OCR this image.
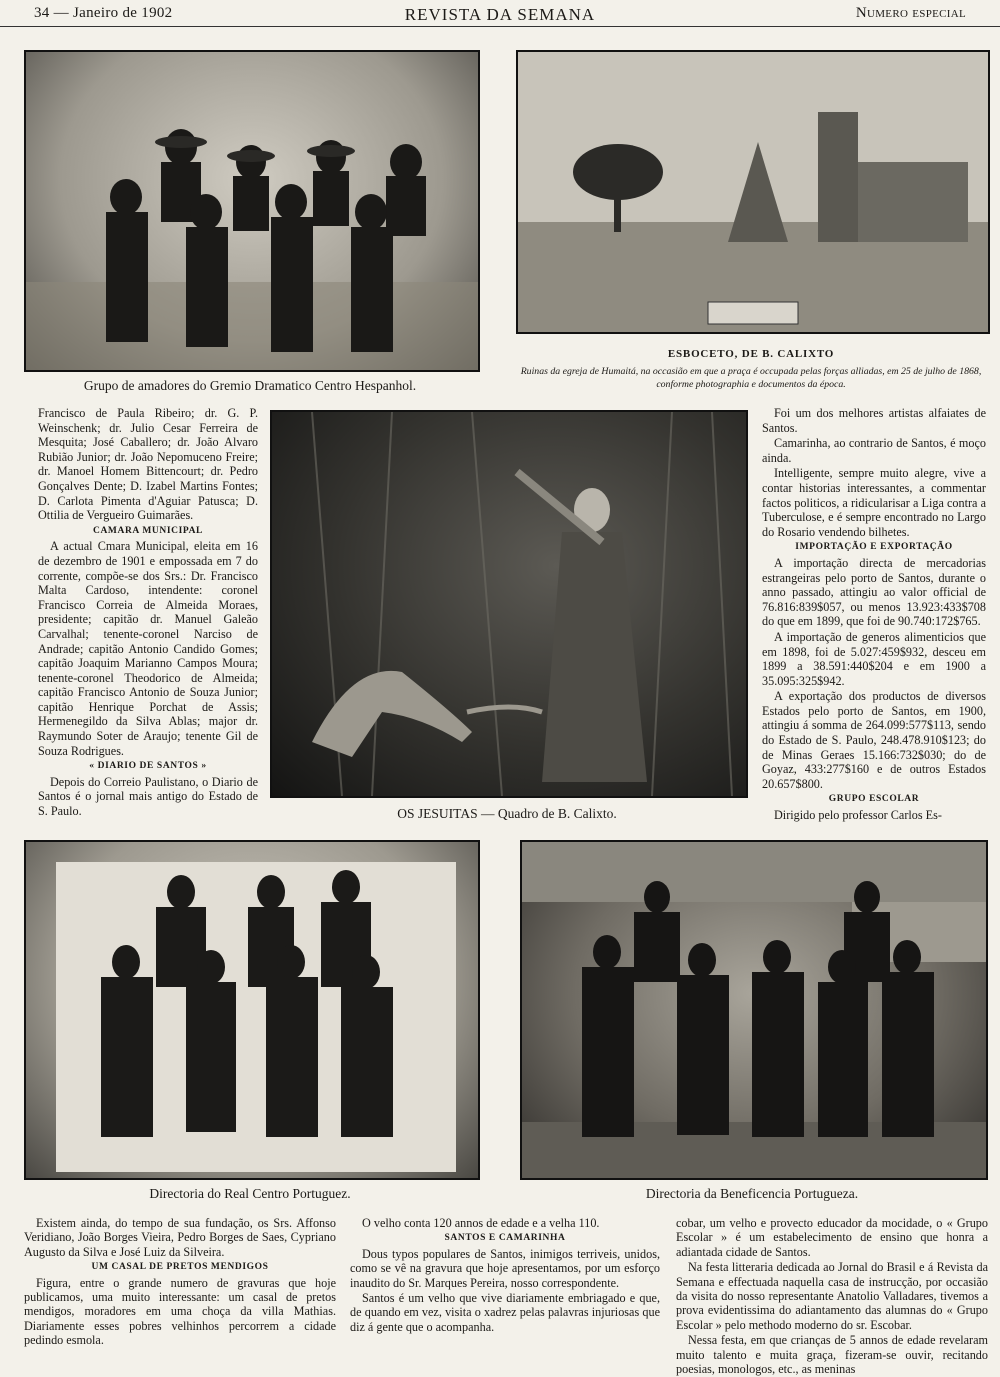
34 — Janeiro de 1902	REVISTA DA SEMANA	Numero especial
Grupo de amadores do Gremio Dramatico Centro Hespanhol.
ESBOCETO, DE B. CALIXTO
Ruinas da egreja de Humaitá, na occasião em que a praça é occupada pelas forças alliadas, em 25 de julho de 1868, conforme photographia e documentos da época.

Francisco de Paula Ribeiro; dr. G. P. Weinschenk; dr. Julio Cesar Ferreira de Mesquita; José Caballero; dr. João Alvaro Rubião Junior; dr. João Nepomuceno Freire; dr. Manoel Homem Bittencourt; dr. Pedro Gonçalves Dente; D. Izabel Martins Fontes; D. Carlota Pimenta d'Aguiar Patusca; D. Ottilia de Vergueiro Guimarães.

CAMARA MUNICIPAL

A actual Cmara Municipal, eleita em 16 de dezembro de 1901 e empossada em 7 do corrente, compõe-se dos Srs.: Dr. Francisco Malta Cardoso, intendente: coronel Francisco Correia de Almeida Moraes, presidente; capitão dr. Manuel Galeão Carvalhal; tenente-coronel Narciso de Andrade; capitão Antonio Candido Gomes; capitão Joaquim Marianno Campos Moura; tenente-coronel Theodorico de Almeida; capitão Francisco Antonio de Souza Junior; capitão Henrique Porchat de Assis; Hermenegildo da Silva Ablas; major dr. Raymundo Soter de Araujo; tenente Gil de Souza Rodrigues.

« DIARIO DE SANTOS »

Depois do Correio Paulistano, o Diario de Santos é o jornal mais antigo do Estado de S. Paulo.	OS JESUITAS — Quadro de B. Calixto.

Foi um dos melhores artistas alfaiates de Santos.

Camarinha, ao contrario de Santos, é moço ainda.

Intelligente, sempre muito alegre, vive a contar historias interessantes, a commentar factos politicos, a ridicularisar a Liga contra a Tuberculose, e é sempre encontrado no Largo do Rosario vendendo bilhetes.

IMPORTAÇÃO E EXPORTAÇÃO

A importação directa de mercadorias estrangeiras pelo porto de Santos, durante o anno passado, attingiu ao valor official de 76.816:839$057, ou menos 13.923:433$708 do que em 1899, que foi de 90.740:172$765.

A importação de generos alimenticios que em 1898, foi de 5.027:459$932, desceu em 1899 a 38.591:440$204 e em 1900 a 35.095:325$942.

A exportação dos productos de diversos Estados pelo porto de Santos, em 1900, attingiu á somma de 264.099:577$113, sendo do Estado de S. Paulo, 248.478.910$123; do de Minas Geraes 15.166:732$030; do de Goyaz, 433:277$160 e de outros Estados 20.657$800.

GRUPO ESCOLAR

Dirigido pelo professor Carlos Es-

Directoria do Real Centro Portuguez.	Directoria da Beneficencia Portugueza.

Existem ainda, do tempo de sua fundação, os Srs. Affonso Veridiano, João Borges Vieira, Pedro Borges de Saes, Cypriano Augusto da Silva e José Luiz da Silveira.

UM CASAL DE PRETOS MENDIGOS

Figura, entre o grande numero de gravuras que hoje publicamos, uma muito interessante: um casal de pretos mendigos, moradores em uma choça da villa Mathias. Diariamente esses pobres velhinhos percorrem a cidade pedindo esmola.

O velho conta 120 annos de edade e a velha 110.

SANTOS E CAMARINHA

Dous typos populares de Santos, inimigos terriveis, unidos, como se vê na gravura que hoje apresentamos, por um esforço inaudito do Sr. Marques Pereira, nosso correspondente.

Santos é um velho que vive diariamente embriagado e que, de quando em vez, visita o xadrez pelas palavras injuriosas que diz á gente que o acompanha.

cobar, um velho e provecto educador da mocidade, o « Grupo Escolar » é um estabelecimento de ensino que honra a adiantada cidade de Santos.

Na festa litteraria dedicada ao Jornal do Brasil e á Revista da Semana e effectuada naquella casa de instrucção, por occasião da visita do nosso representante Anatolio Valladares, tivemos a prova evidentissima do adiantamento das alumnas do « Grupo Escolar » pelo methodo moderno do sr. Escobar.

Nessa festa, em que crianças de 5 annos de edade revelaram muito talento e muita graça, fizeram-se ouvir, recitando poesias, monologos, etc., as meninas
